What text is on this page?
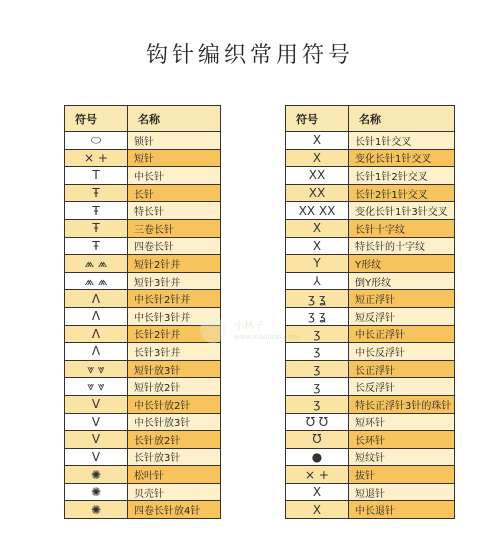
钩针编织常用符号
符号	名称
⬭	锁针
× +	短针
T	中长针
Ŧ	长针
Ŧ	特长针
Ŧ	三卷长针
Ŧ	四卷长针
⩕ ⩕	短针2针并
⩕ ⩕	短针3针并
Ʌ	中长针2针并
Ʌ	中长针3针并
Ʌ	长针2针并
Ʌ	长针3针并
⩔ ⩔	短针放3针
⩔ ⩔	短针放2针
V	中长针放2针
V	中长针放3针
V	长针放2针
V	长针放3针
✺	松叶针
✺	贝壳针
✺	四卷长针放4针
符号	名称
X	长针1针交叉
X	变化长针1针交叉
XX	长针1针2针交叉
XX	长针2针1针交叉
XX XX	变化长针1针3针交叉
X	长针十字纹
X	特长针的十字纹
Y	Y形纹
⅄	倒Y形纹
ʒ ʓ	短正浮针
ʒ ʓ	短反浮针
ʒ	中长正浮针
ʒ	中长反浮针
ʒ	长正浮针
ʒ	长反浮针
ʒ	特长正浮针3针的珠针
Ʊ Ʊ	短环针
Ʊ	长环针
●	短纹针
× +	拔针
X	短退针
X	中长退针
小林子
www.xiaolinzi.com
